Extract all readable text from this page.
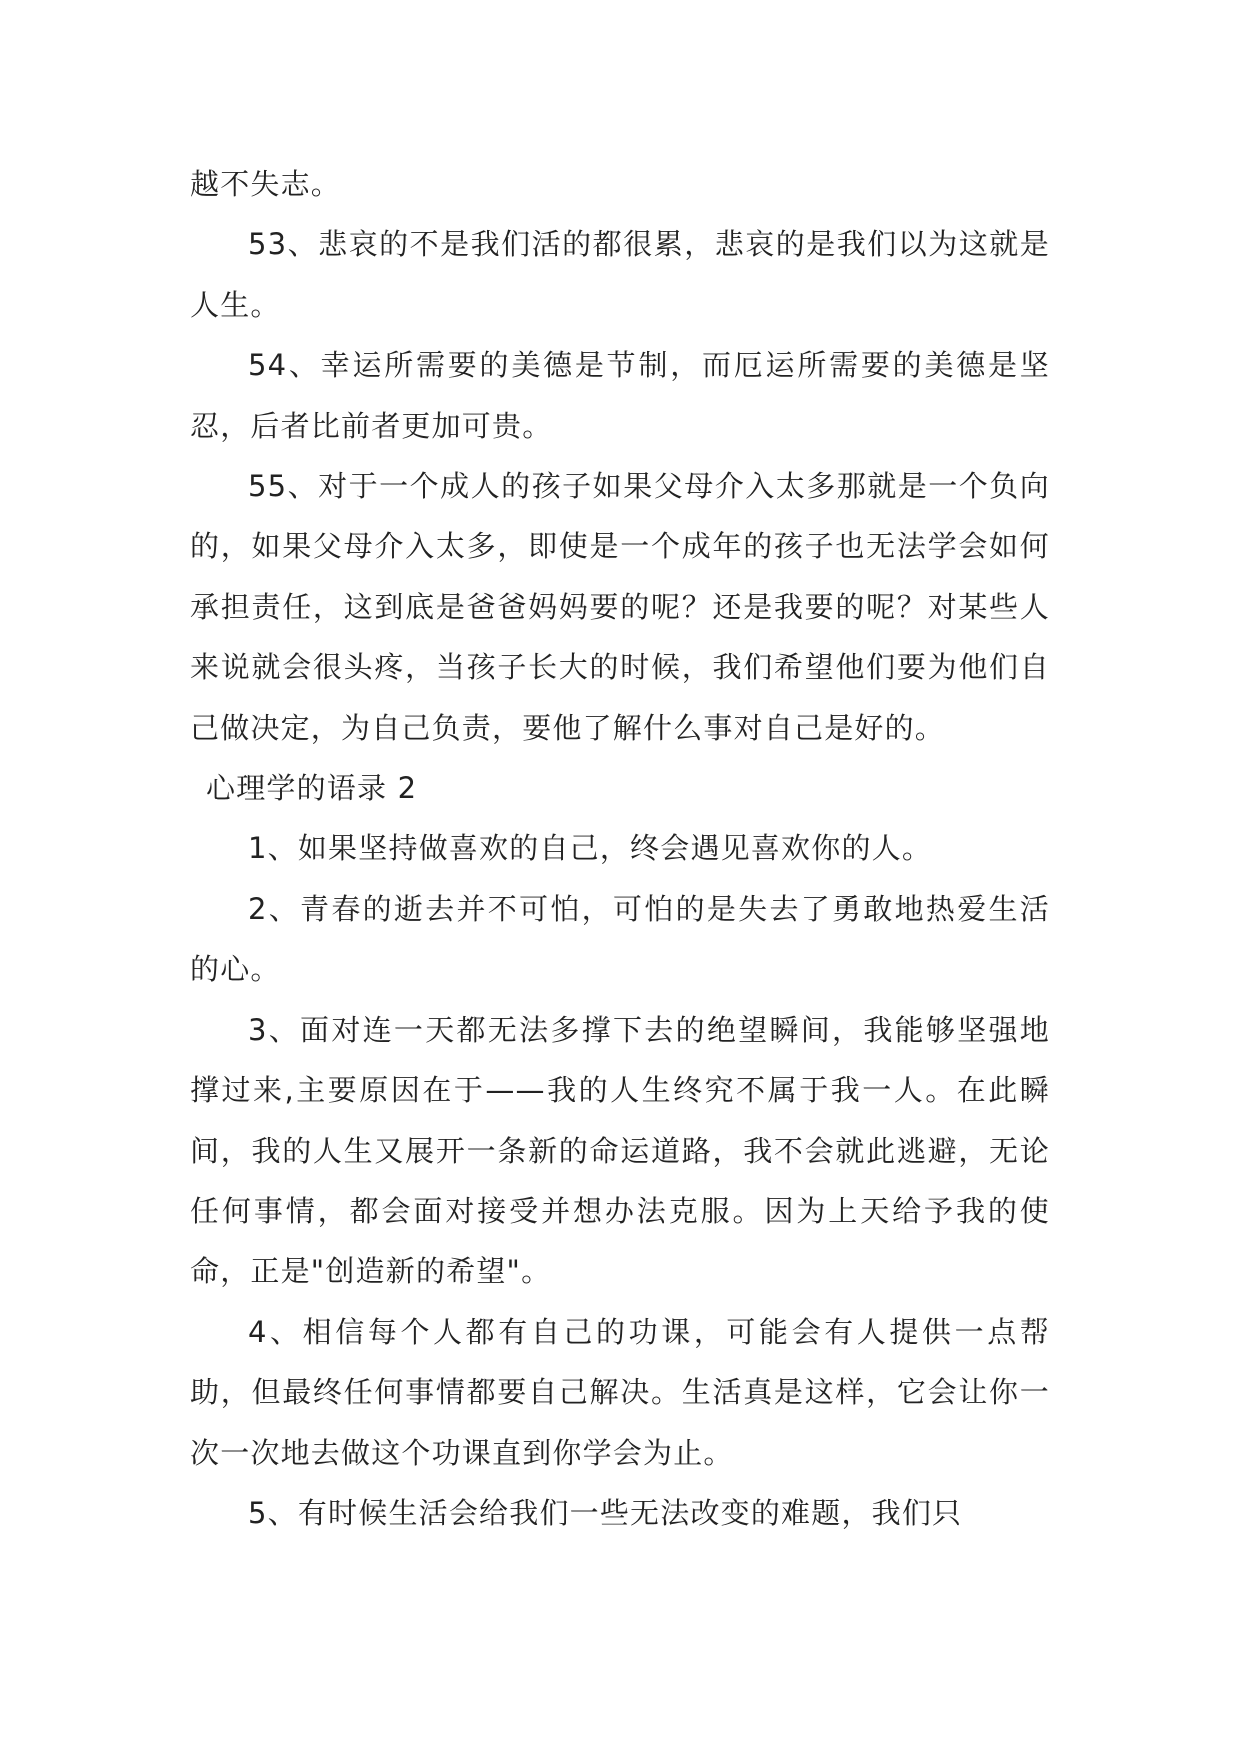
越不失志。

53、悲哀的不是我们活的都很累，悲哀的是我们以为这就是人生。

54、幸运所需要的美德是节制，而厄运所需要的美德是坚忍，后者比前者更加可贵。

55、对于一个成人的孩子如果父母介入太多那就是一个负向的，如果父母介入太多，即使是一个成年的孩子也无法学会如何承担责任，这到底是爸爸妈妈要的呢？还是我要的呢？对某些人来说就会很头疼，当孩子长大的时候，我们希望他们要为他们自己做决定，为自己负责，要他了解什么事对自己是好的。

心理学的语录 2

1、如果坚持做喜欢的自己，终会遇见喜欢你的人。

2、青春的逝去并不可怕，可怕的是失去了勇敢地热爱生活的心。

3、面对连一天都无法多撑下去的绝望瞬间，我能够坚强地撑过来,主要原因在于——我的人生终究不属于我一人。在此瞬间，我的人生又展开一条新的命运道路，我不会就此逃避，无论任何事情，都会面对接受并想办法克服。因为上天给予我的使命，正是"创造新的希望"。

4、相信每个人都有自己的功课，可能会有人提供一点帮助，但最终任何事情都要自己解决。生活真是这样，它会让你一次一次地去做这个功课直到你学会为止。

5、有时候生活会给我们一些无法改变的难题，我们只
